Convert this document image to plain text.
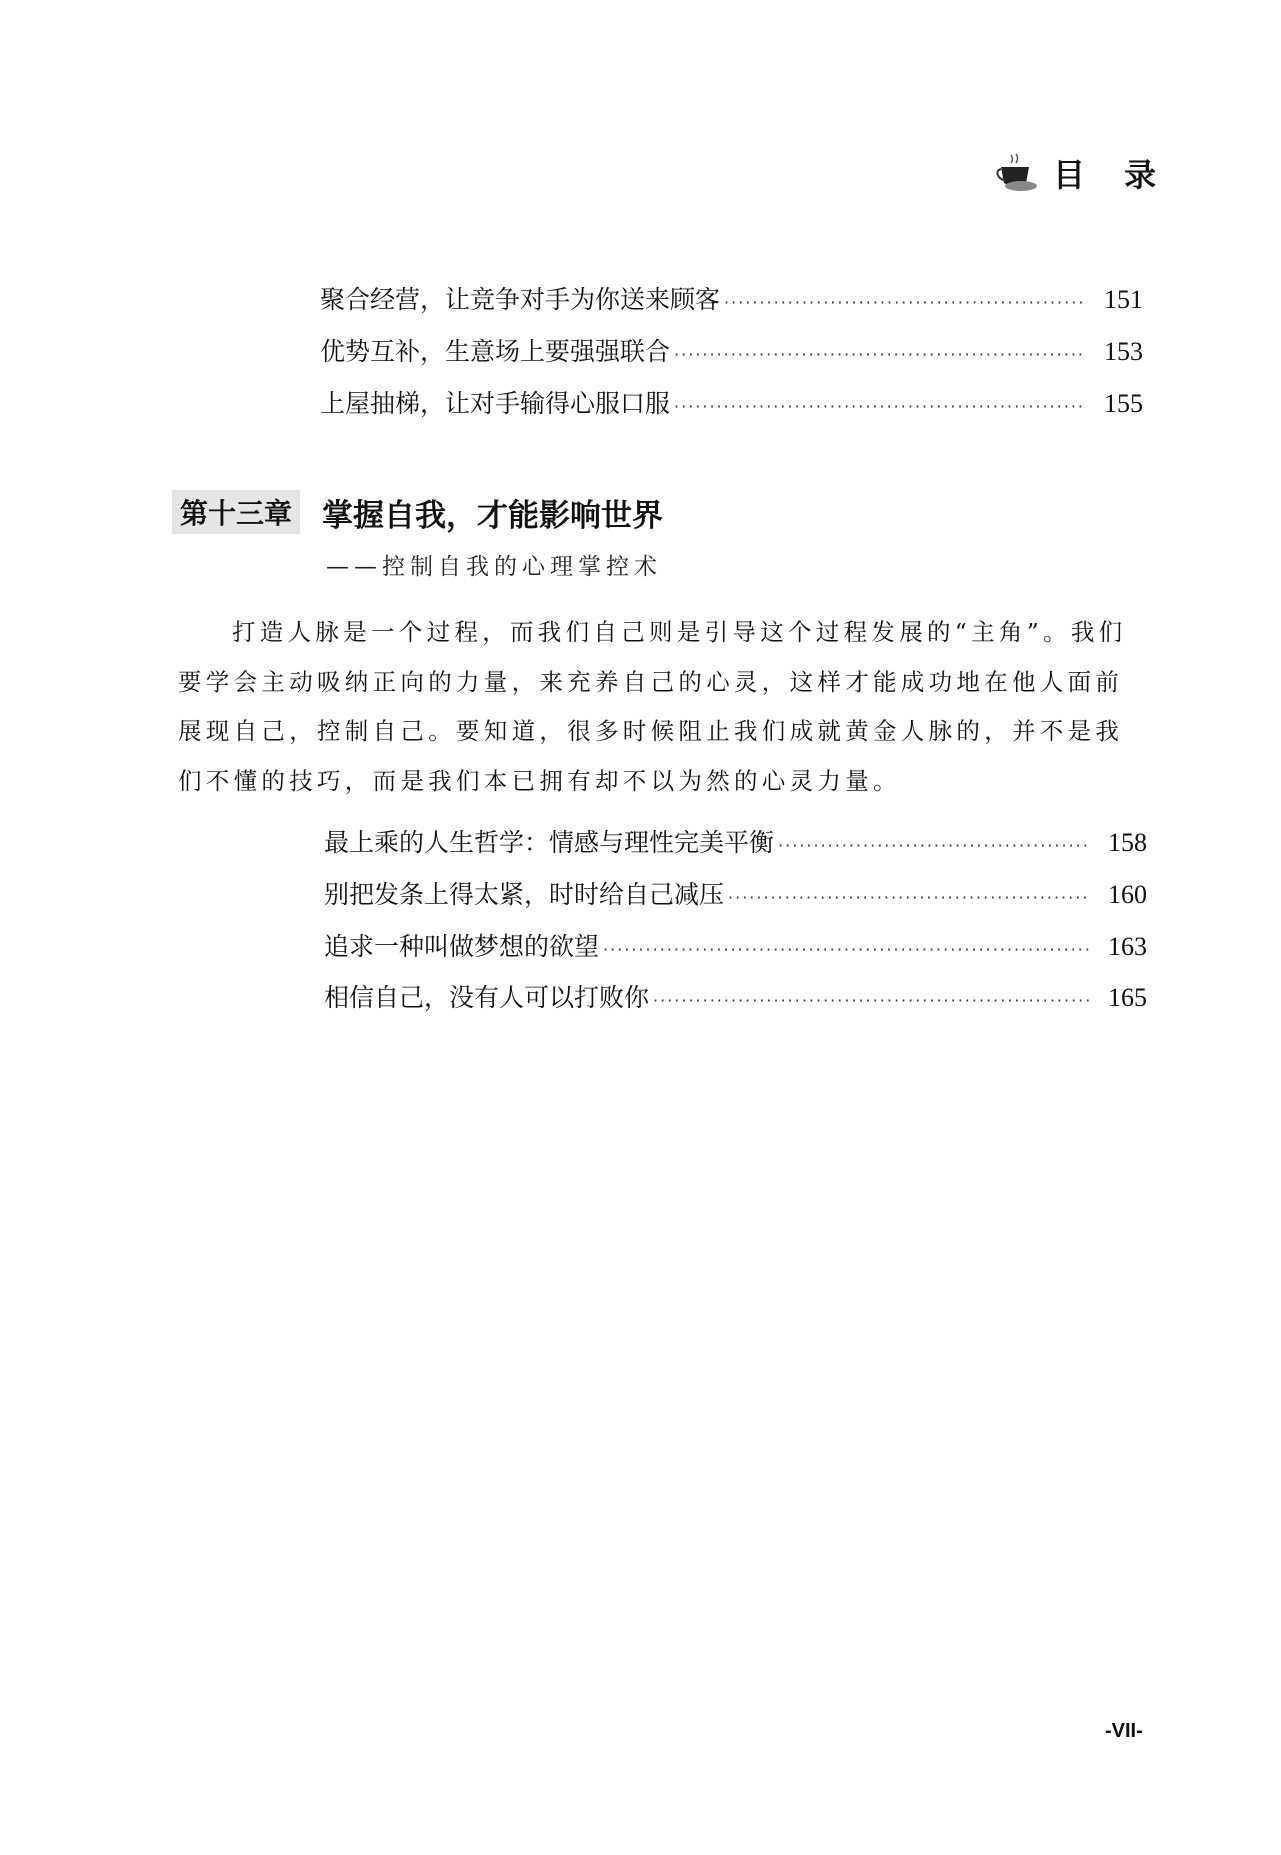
目 录
聚合经营，让竞争对手为你送来顾客 ·····	151
优势互补，生意场上要强强联合 ·····	153
上屋抽梯，让对手输得心服口服 ·····	155
第十三章 掌握自我，才能影响世界
——控制自我的心理掌控术
打造人脉是一个过程，而我们自己则是引导这个过程发展的“主角”。我们要学会主动吸纳正向的力量，来充养自己的心灵，这样才能成功地在他人面前展现自己，控制自己。要知道，很多时候阻止我们成就黄金人脉的，并不是我们不懂的技巧，而是我们本已拥有却不以为然的心灵力量。
最上乘的人生哲学：情感与理性完美平衡 ·····	158
别把发条上得太紧，时时给自己减压 ·····	160
追求一种叫做梦想的欲望 ·····	163
相信自己，没有人可以打败你 ·····	165
-VII-
